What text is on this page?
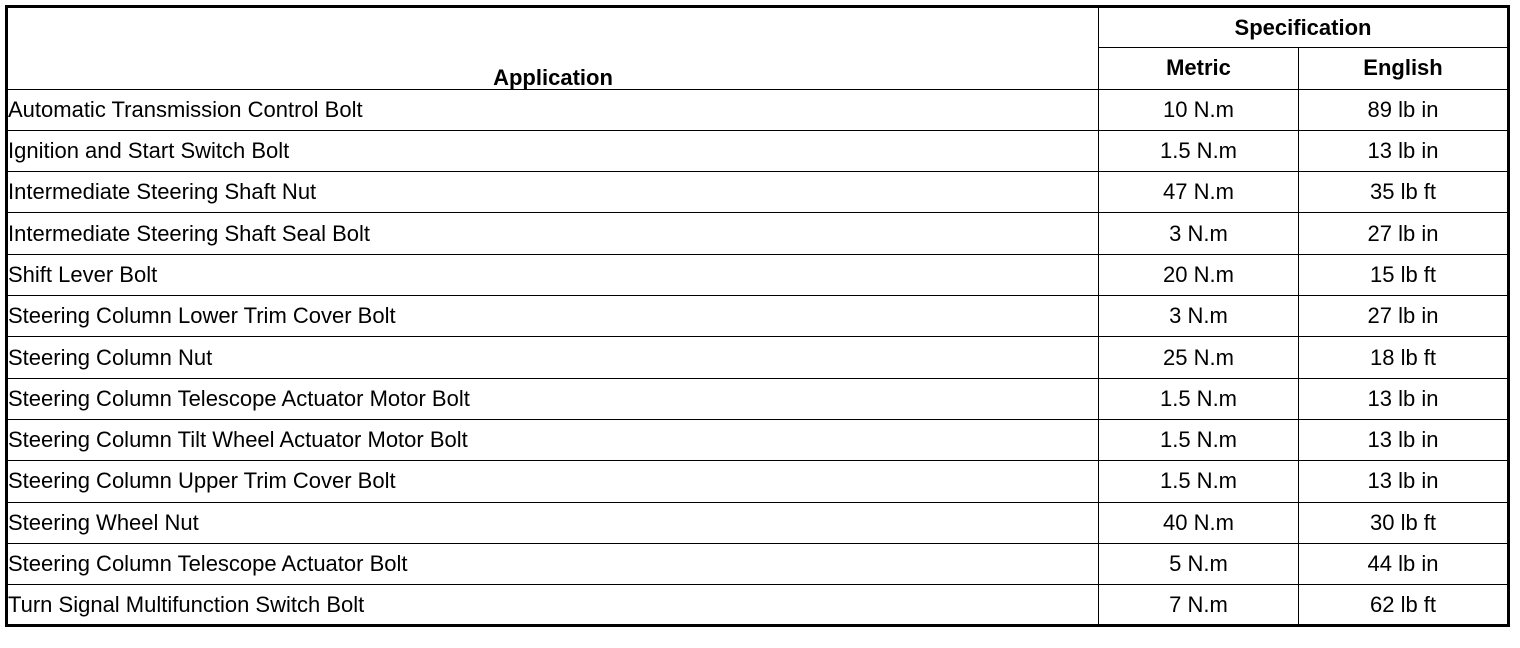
Application	Specification	
	Metric	English
Automatic Transmission Control Bolt	10 N.m	89 lb in
Ignition and Start Switch Bolt	1.5 N.m	13 lb in
Intermediate Steering Shaft Nut	47 N.m	35 lb ft
Intermediate Steering Shaft Seal Bolt	3 N.m	27 lb in
Shift Lever Bolt	20 N.m	15 lb ft
Steering Column Lower Trim Cover Bolt	3 N.m	27 lb in
Steering Column Nut	25 N.m	18 lb ft
Steering Column Telescope Actuator Motor Bolt	1.5 N.m	13 lb in
Steering Column Tilt Wheel Actuator Motor Bolt	1.5 N.m	13 lb in
Steering Column Upper Trim Cover Bolt	1.5 N.m	13 lb in
Steering Wheel Nut	40 N.m	30 lb ft
Steering Column Telescope Actuator Bolt	5 N.m	44 lb in
Turn Signal Multifunction Switch Bolt	7 N.m	62 lb ft
